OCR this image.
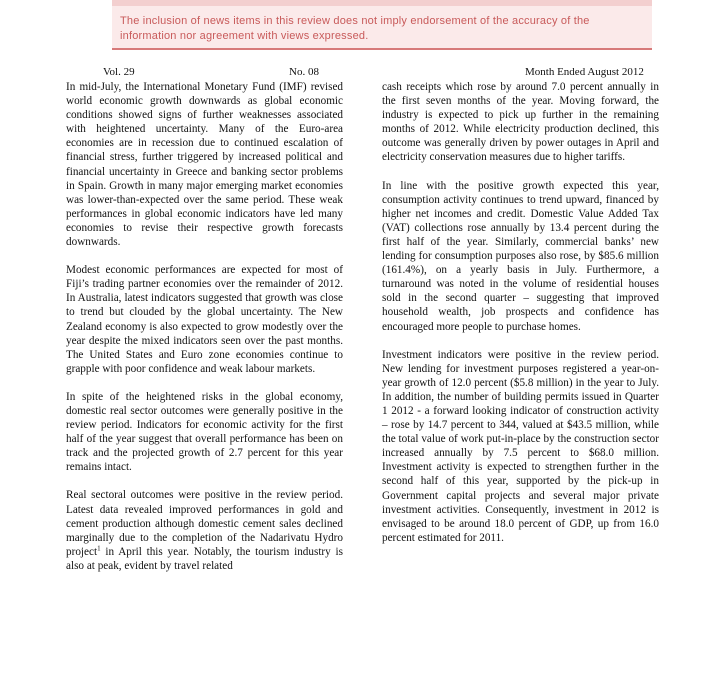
The inclusion of news items in this review does not imply endorsement of the accuracy of the information nor agreement with views expressed.
Vol. 29	No. 08	Month Ended August 2012

In mid-July, the International Monetary Fund (IMF) revised world economic growth downwards as global economic conditions showed signs of further weaknesses associated with heightened uncertainty. Many of the Euro-area economies are in recession due to continued escalation of financial stress, further triggered by increased political and financial uncertainty in Greece and banking sector problems in Spain. Growth in many major emerging market economies was lower-than-expected over the same period. These weak performances in global economic indicators have led many economies to revise their respective growth forecasts downwards.

Modest economic performances are expected for most of Fiji’s trading partner economies over the remainder of 2012. In Australia, latest indicators suggested that growth was close to trend but clouded by the global uncertainty. The New Zealand economy is also expected to grow modestly over the year despite the mixed indicators seen over the past months. The United States and Euro zone economies continue to grapple with poor confidence and weak labour markets.

In spite of the heightened risks in the global economy, domestic real sector outcomes were generally positive in the review period. Indicators for economic activity for the first half of the year suggest that overall performance has been on track and the projected growth of 2.7 percent for this year remains intact.

Real sectoral outcomes were positive in the review period. Latest data revealed improved performances in gold and cement production although domestic cement sales declined marginally due to the completion of the Nadarivatu Hydro project$^1$ in April this year. Notably, the tourism industry is also at peak, evident by travel related

cash receipts which rose by around 7.0 percent annually in the first seven months of the year. Moving forward, the industry is expected to pick up further in the remaining months of 2012. While electricity production declined, this outcome was generally driven by power outages in April and electricity conservation measures due to higher tariffs.

In line with the positive growth expected this year, consumption activity continues to trend upward, financed by higher net incomes and credit. Domestic Value Added Tax (VAT) collections rose annually by 13.4 percent during the first half of the year. Similarly, commercial banks’ new lending for consumption purposes also rose, by $85.6 million (161.4%), on a yearly basis in July. Furthermore, a turnaround was noted in the volume of residential houses sold in the second quarter – suggesting that improved household wealth, job prospects and confidence has encouraged more people to purchase homes.

Investment indicators were positive in the review period. New lending for investment purposes registered a year-on-year growth of 12.0 percent ($5.8 million) in the year to July. In addition, the number of building permits issued in Quarter 1 2012 - a forward looking indicator of construction activity – rose by 14.7 percent to 344, valued at $43.5 million, while the total value of work put-in-place by the construction sector increased annually by 7.5 percent to $68.0 million. Investment activity is expected to strengthen further in the second half of this year, supported by the pick-up in Government capital projects and several major private investment activities. Consequently, investment in 2012 is envisaged to be around 18.0 percent of GDP, up from 16.0 percent estimated for 2011.
